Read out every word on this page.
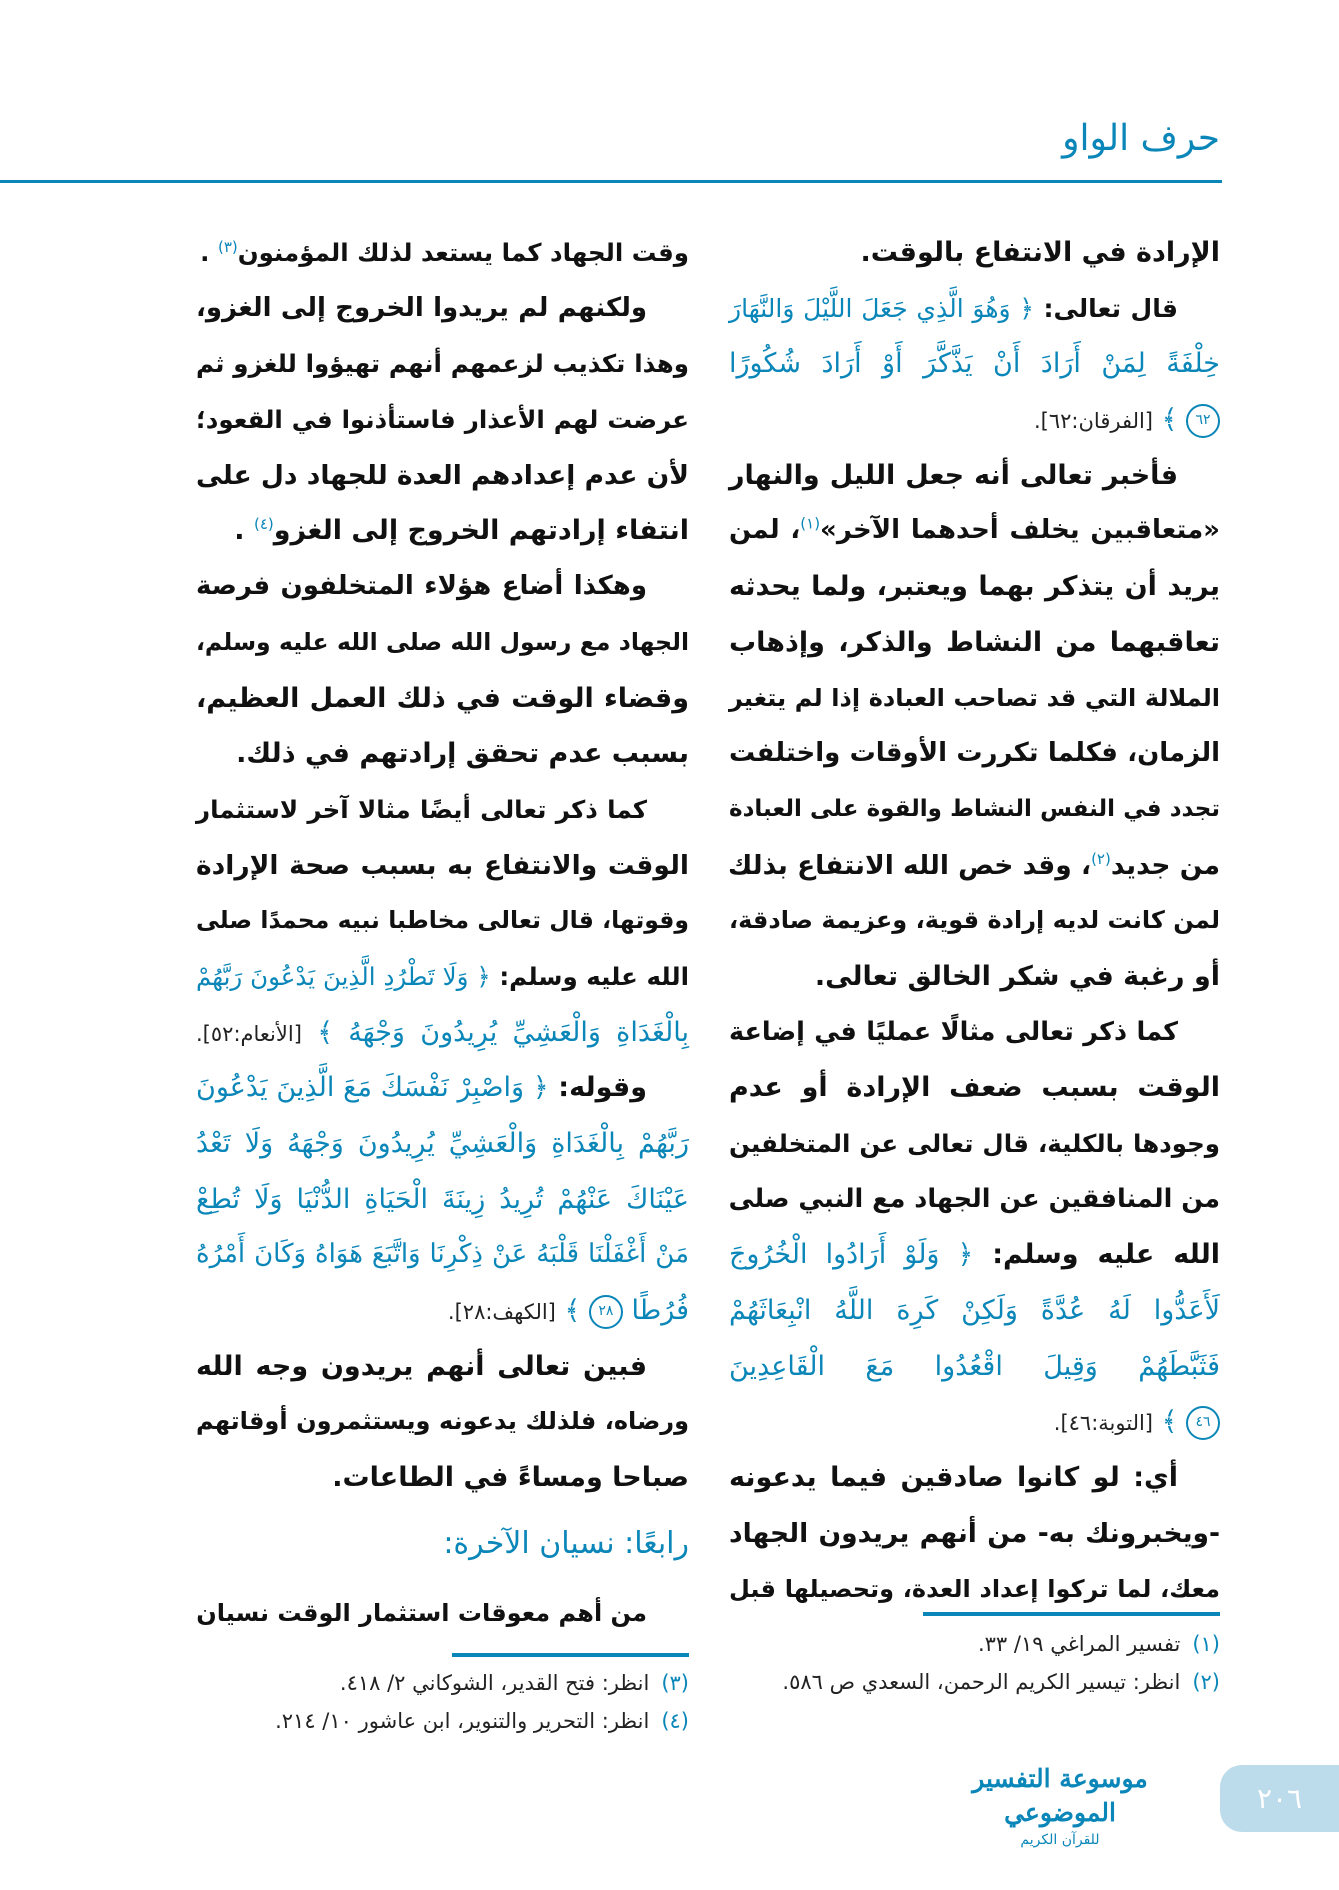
حرف الواو
الإرادة في الانتفاع بالوقت.
قال تعالى: ﴿ وَهُوَ الَّذِي جَعَلَ اللَّيْلَ وَالنَّهَارَ
خِلْفَةً لِمَنْ أَرَادَ أَنْ يَذَّكَّرَ أَوْ أَرَادَ شُكُورًا
٦٢ ﴾ [الفرقان:٦٢].
فأخبر تعالى أنه جعل الليل والنهار
«متعاقبين يخلف أحدهما الآخر»$^{(١)}$، لمن
يريد أن يتذكر بهما ويعتبر، ولما يحدثه
تعاقبهما من النشاط والذكر، وإذهاب
الملالة التي قد تصاحب العبادة إذا لم يتغير
الزمان، فكلما تكررت الأوقات واختلفت
تجدد في النفس النشاط والقوة على العبادة
من جديد$^{(٢)}$، وقد خص الله الانتفاع بذلك
لمن كانت لديه إرادة قوية، وعزيمة صادقة،
أو رغبة في شكر الخالق تعالى.
كما ذكر تعالى مثالًا عمليًا في إضاعة
الوقت بسبب ضعف الإرادة أو عدم
وجودها بالكلية، قال تعالى عن المتخلفين
من المنافقين عن الجهاد مع النبي صلى
الله عليه وسلم: ﴿ وَلَوْ أَرَادُوا الْخُرُوجَ
لَأَعَدُّوا لَهُ عُدَّةً وَلَكِنْ كَرِهَ اللَّهُ انْبِعَاثَهُمْ
فَثَبَّطَهُمْ وَقِيلَ اقْعُدُوا مَعَ الْقَاعِدِينَ
٤٦ ﴾ [التوبة:٤٦].
أي: لو كانوا صادقين فيما يدعونه
-ويخبرونك به- من أنهم يريدون الجهاد
معك، لما تركوا إعداد العدة، وتحصيلها قبل
وقت الجهاد كما يستعد لذلك المؤمنون$^{(٣)}$ .
ولكنهم لم يريدوا الخروج إلى الغزو،
وهذا تكذيب لزعمهم أنهم تهيؤوا للغزو ثم
عرضت لهم الأعذار فاستأذنوا في القعود؛
لأن عدم إعدادهم العدة للجهاد دل على
انتفاء إرادتهم الخروج إلى الغزو$^{(٤)}$ .
وهكذا أضاع هؤلاء المتخلفون فرصة
الجهاد مع رسول الله صلى الله عليه وسلم،
وقضاء الوقت في ذلك العمل العظيم،
بسبب عدم تحقق إرادتهم في ذلك.
كما ذكر تعالى أيضًا مثالا آخر لاستثمار
الوقت والانتفاع به بسبب صحة الإرادة
وقوتها، قال تعالى مخاطبا نبيه محمدًا صلى
الله عليه وسلم: ﴿ وَلَا تَطْرُدِ الَّذِينَ يَدْعُونَ رَبَّهُمْ
بِالْغَدَاةِ وَالْعَشِيِّ يُرِيدُونَ وَجْهَهُ ﴾ [الأنعام:٥٢].
وقوله: ﴿ وَاصْبِرْ نَفْسَكَ مَعَ الَّذِينَ يَدْعُونَ
رَبَّهُمْ بِالْغَدَاةِ وَالْعَشِيِّ يُرِيدُونَ وَجْهَهُ وَلَا تَعْدُ
عَيْنَاكَ عَنْهُمْ تُرِيدُ زِينَةَ الْحَيَاةِ الدُّنْيَا وَلَا تُطِعْ
مَنْ أَغْفَلْنَا قَلْبَهُ عَنْ ذِكْرِنَا وَاتَّبَعَ هَوَاهُ وَكَانَ أَمْرُهُ
فُرُطًا ٢٨ ﴾ [الكهف:٢٨].
فبين تعالى أنهم يريدون وجه الله
ورضاه، فلذلك يدعونه ويستثمرون أوقاتهم
صباحا ومساءً في الطاعات.
رابعًا: نسيان الآخرة:
من أهم معوقات استثمار الوقت نسيان
(١)تفسير المراغي ١٩/ ٣٣.
(٢)انظر: تيسير الكريم الرحمن، السعدي ص ٥٨٦.
(٣)انظر: فتح القدير، الشوكاني ٢/ ٤١٨.
(٤)انظر: التحرير والتنوير، ابن عاشور ١٠/ ٢١٤.
موسوعة التفسير الموضوعي
للقرآن الكريم
٢٠٦
